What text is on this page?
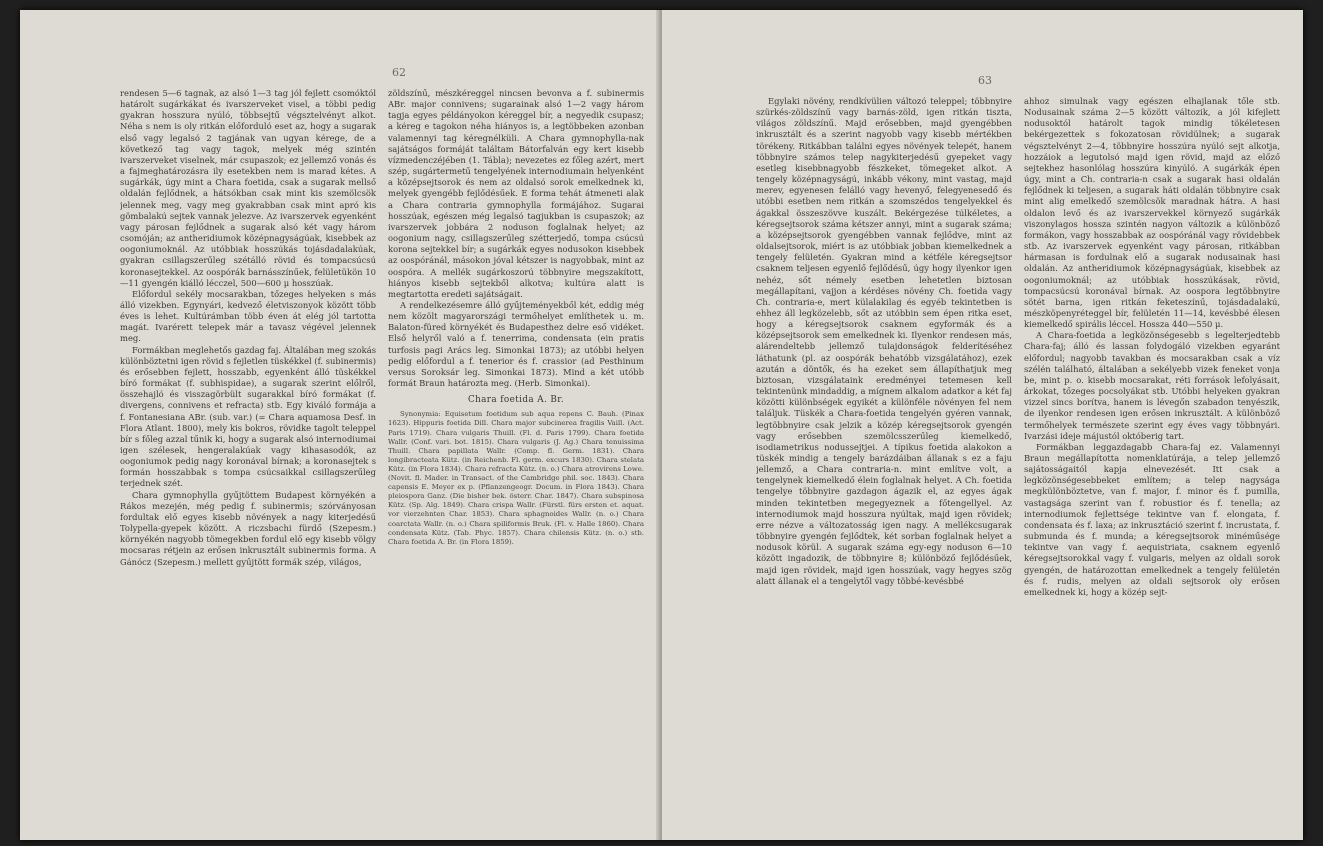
62

rendesen 5—6 tagnak, az alsó 1—3 tag jól fejlett csomóktól határolt sugárkákat és ivarszerveket visel, a többi pedig gyakran hosszura nyúló, többsejtű végsztelvényt alkot. Néha s nem is oly ritkán előforduló eset az, hogy a sugarak első vagy legalsó 2 tagjának van ugyan kérege, de a következő tag vagy tagok, melyek még szintén ivarszerveket viselnek, már csupaszok; ez jellemző vonás és a fajmeghatározásra ily esetekben nem is marad kétes. A sugárkák, úgy mint a Chara foetida, csak a sugarak mellső oldalán fejlődnek, a hátsókban csak mint kis szemölcsök jelennek meg, vagy meg gyakrabban csak mint apró kis gömbalakú sejtek vannak jelezve. Az ivarszervek egyenként vagy párosan fejlődnek a sugarak alsó két vagy három csomóján; az antheridiumok középnagyságúak, kisebbek az oogoniumoknál. Az utóbbiak hosszúkás tojásdadalakúak, gyakran csillagszerűleg szétálló rövid és tompacsúcsú koronasejtekkel. Az oospórák barnásszínűek, felületükön 10—11 gyengén kiálló lécczel, 500—600 μ hosszúak.

Előfordul sekély mocsarakban, tőzeges helyeken s más álló vizekben. Egynyári, kedvező életviszonyok között több éves is lehet. Kultúrámban több éven át elég jól tartotta magát. Ivarérett telepek már a tavasz végével jelennek meg.

Formákban meglehetős gazdag faj. Általában meg szokás különböztetni igen rövid s fejletlen tüskékkel (f. subinermis) és erősebben fejlett, hosszabb, egyenként álló tüskékkel bíró formákat (f. subhispidae), a sugarak szerint előlről, összehajló és visszagörbült sugarakkal bíró formákat (f. divergens, connivens et refracta) stb. Egy kiváló formája a f. Fontanesiana ABr. (sub. var.) (= Chara aquamosa Desf. in Flora Atlant. 1800), mely kis bokros, rövidke tagolt teleppel bír s főleg azzal tűnik ki, hogy a sugarak alsó internodiumai igen szélesek, hengeralakúak vagy kihasasodók, az oogoniumok pedig nagy koronával bírnak; a koronasejtek s formán hosszabbak s tompa csúcsaikkal csillagszerűleg terjednek szét.

Chara gymnophylla gyűjtöttem Budapest környékén a Rákos mezején, még pedig f. subinermis; szórványosan fordultak elő egyes kisebb növények a nagy kiterjedésű Tolypella-gyepek között. A riczsbachi fürdő (Szepesm.) környékén nagyobb tömegekben fordul elő egy kisebb völgy mocsaras rétjein az erősen inkrusztált subinermis forma. A Gánócz (Szepesm.) mellett gyűjtött formák szép, világos,

zöldszínű, mészkéreggel nincsen bevonva a f. subinermis ABr. major connivens; sugarainak alsó 1—2 vagy három tagja egyes példányokon kéreggel bír, a negyedik csupasz; a kéreg e tagokon néha hiányos is, a legtöbbeken azonban valamennyi tag kéregnélküli. A Chara gymnophylla-nak sajátságos formáját találtam Bátorfalván egy kert kisebb vízmedenczéjében (1. Tábla); nevezetes ez főleg azért, mert szép, sugártermetű tengelyének internodiumain helyenként a középsejtsorok és nem az oldalsó sorok emelkednek ki, melyek gyengébb fejlődésűek. E forma tehát átmeneti alak a Chara contraria gymnophylla formájához. Sugarai hosszúak, egészen még legalsó tagjukban is csupaszok; az ivarszervek jobbára 2 noduson foglalnak helyet; az oogonium nagy, csillagszerűleg szétterjedő, tompa csúcsú korona sejtekkel bír; a sugárkák egyes nodusokon kisebbek az oospóránál, másokon jóval kétszer is nagyobbak, mint az oospóra. A mellék sugárkoszorú többnyire megszakított, hiányos kisebb sejtekből alkotva; kultúra alatt is megtartotta eredeti sajátságait.

A rendelkezésemre álló gyűjteményekből két, eddig még nem közölt magyarországi termőhelyet említhetek u. m. Balaton-füred környékét és Budapesthez delre eső vidéket. Első helyről való a f. tenerrima, condensata (ein pratis turfosis pagi Arács leg. Simonkai 1873); az utóbbi helyen pedig előfordul a f. tenerior és f. crassior (ad Pesthinum versus Soroksár leg. Simonkai 1873). Mind a két utóbb formát Braun határozta meg. (Herb. Simonkai).

Chara foetida A. Br.

Synonymia: Equisetum foetidum sub aqua repens C. Bauh. (Pinax 1623). Hippuris foetida Dill. Chara major subcinerea fragilis Vaill. (Act. Paris 1719). Chara vulgaris Thuill. (Fl. d. Paris 1799). Chara foetida Wallr. (Conf. vari. bot. 1815). Chara vulgaris (J. Ag.) Chara tenuissima Thuill. Chara papillata Wallr. (Comp. fl. Germ. 1831). Chara longibracteata Kütz. (in Reichenb. Fl. germ. excurs 1830). Chara stelata Kütz. (in Flora 1834). Chara refracta Kütz. (n. o.) Chara atrovirens Lowe. (Novit. fl. Mader. in Transact. of the Cambridge phil. soc. 1843). Chara capensis E. Meyer ex p. (Pflanzengeogr. Docum. in Flora 1843). Chara pleiospora Ganz. (Die bisher bek. österr. Char. 1847). Chara subspinosa Kütz. (Sp. Alg. 1849). Chara crispa Wallr. (Fürstl. fürs ersten et. aquat. vor vierzehnten Char. 1853). Chara sphagnoides Wallr. (n. o.) Chara coarctata Wallr. (n. o.) Chara spiliformis Bruk. (Fl. v. Halle 1860). Chara condensata Kütz. (Tab. Phyc. 1857). Chara chilensis Kütz. (n. o.) stb. Chara foetida A. Br. (in Flora 1859).

63

Egylaki növény, rendkívülien változó teleppel; többnyire szürkés-zöldszínű vagy barnás-zöld, igen ritkán tiszta, világos zöldszínű. Majd erősebben, majd gyengébben inkrusztált és a szerint nagyobb vagy kisebb mértékben törékeny. Ritkábban találni egyes növények telepét, hanem többnyire számos telep nagykiterjedésű gyepeket vagy esetleg kisebbnagyobb fészkeket, tömegeket alkot. A tengely középnagyságú, inkább vékony, mint vastag, majd merev, egyenesen felálló vagy hevenyő, felegyenesedő és utóbbi esetben nem ritkán a szomszédos tengelyekkel és ágakkal összeszövve kuszált. Bekérgezése túlkéletes, a kéregsejtsorok száma kétszer annyi, mint a sugarak száma; a középsejtsorok gyengébben vannak fejlődve, mint az oldalsejtsorok, miért is az utóbbiak jobban kiemelkednek a tengely felületén. Gyakran mind a kétféle kéregsejtsor csaknem teljesen egyenlő fejlődésű, úgy hogy ilyenkor igen nehéz, sőt némely esetben lehetetlen biztosan megállapítani, vajjon a kérdéses növény Ch. foetida vagy Ch. contraria-e, mert külalakilag és egyéb tekintetben is ehhez áll legközelebb, sőt az utóbbin sem épen ritka eset, hogy a kéregsejtsorok csaknem egyformák és a középsejtsorok sem emelkednek ki. Ilyenkor rendesen más, alárendeltebb jellemző tulajdonságok felderítéséhez láthatunk (pl. az oospórák behatóbb vizsgálatához), ezek azután a döntők, és ha ezeket sem állapíthatjuk meg biztosan, vizsgálataink eredményei tetemesen kell tekintenünk mindaddig, a mígnem alkalom adatkor a két faj közötti különbségek egyikét a különféle növényen fel nem találjuk. Tüskék a Chara-foetida tengelyén gyéren vannak, legtöbbnyire csak jelzik a közép kéregsejtsorok gyengén vagy erősebben szemölcsszerűleg kiemelkedő, isodiametrikus nodussejtjei. A típikus foetida alakokon a tüskék mindig a tengely barázdáiban állanak s ez a faju jellemző, a Chara contraria-n. mint említve volt, a tengelynek kiemelkedő élein foglalnak helyet. A Ch. foetida tengelye többnyire gazdagon ágazik el, az egyes ágak minden tekintetben megegyeznek a főtengellyel. Az internodiumok majd hosszura nyúltak, majd igen rövidek; erre nézve a változatosság igen nagy. A mellékcsugarak többnyire gyengén fejlődtek, két sorban foglalnak helyet a nodusok körül. A sugarak száma egy-egy noduson 6—10 között ingadozik, de többnyire 8; különböző fejlődésűek, majd igen rövidek, majd igen hosszúak, vagy hegyes szög alatt állanak el a tengelytől vagy többé-kevésbbé

ahhoz simulnak vagy egészen elhajlanak tőle stb. Nodusainak száma 2—5 között változik, a jól kifejlett nodusoktól határolt tagok mindig tökéletesen bekérgezettek s fokozatosan rövidülnek; a sugarak végsztelvényt 2—4, többnyire hosszúra nyúló sejt alkotja, hozzáiok a legutolsó majd igen rövid, majd az előző sejtekhez hasonlólag hosszúra kinyúló. A sugárkák épen úgy, mint a Ch. contraria-n csak a sugarak hasi oldalán fejlődnek ki teljesen, a sugarak háti oldalán többnyire csak mint alig emelkedő szemölcsök maradnak hátra. A hasi oldalon levő és az ivarszervekkel környező sugárkák viszonylagos hossza szintén nagyon változik a különböző formákon, vagy hosszabbak az oospóránál vagy rövidebbek stb. Az ivarszervek egyenként vagy párosan, ritkábban hármasan is fordulnak elő a sugarak nodusainak hasi oldalán. Az antheridiumok középnagyságúak, kisebbek az oogoniumoknál; az utóbbiak hosszúkásak, rövid, tompacsúcsú koronával bírnak. Az oospora legtöbbnyire sötét barna, igen ritkán feketeszínű, tojásdadalakú, mészköpenyréteggel bír, felületén 11—14, kevésbbé élesen kiemelkedő spirális léccel. Hossza 440—550 μ.

A Chara-foetida a legközönségesebb s legelterjedtebb Chara-faj; álló és lassan folydogáló vizekben egyaránt előfordul; nagyobb tavakban és mocsarakban csak a víz szélén található, általában a sekélyebb vizek feneket vonja be, mint p. o. kisebb mocsarakat, réti források lefolyásait, árkokat, tőzeges pocsolyákat stb. Utóbbi helyeken gyakran vizzel sincs borítva, hanem is lévegőn szabadon tenyészik, de ilyenkor rendesen igen erősen inkrusztált. A különböző termőhelyek természete szerint egy éves vagy többnyári. Ivarzási ideje májustól októberig tart.

Formákban leggazdagabb Chara-faj ez. Valamennyi Braun megállapította nomenklatúrája, a telep jellemző sajátosságaitól kapja elnevezését. Itt csak a legközönségesebbeket említem; a telep nagysága megkülönböztetve, van f. major, f. minor és f. pumilla, vastagsága szerint van f. robustior és f. tenella; az internodiumok fejlettsége tekintve van f. elongata, f. condensata és f. laxa; az inkrusztáció szerint f. incrustata, f. submunda és f. munda; a kéregsejtsorok minéműsége tekintve van vagy f. aequistriata, csaknem egyenlő kéregsejtsorokkal vagy f. vulgaris, melyen az oldali sorok gyengén, de határozottan emelkednek a tengely felületén és f. rudis, melyen az oldali sejtsorok oly erősen emelkednek ki, hogy a közép sejt-
